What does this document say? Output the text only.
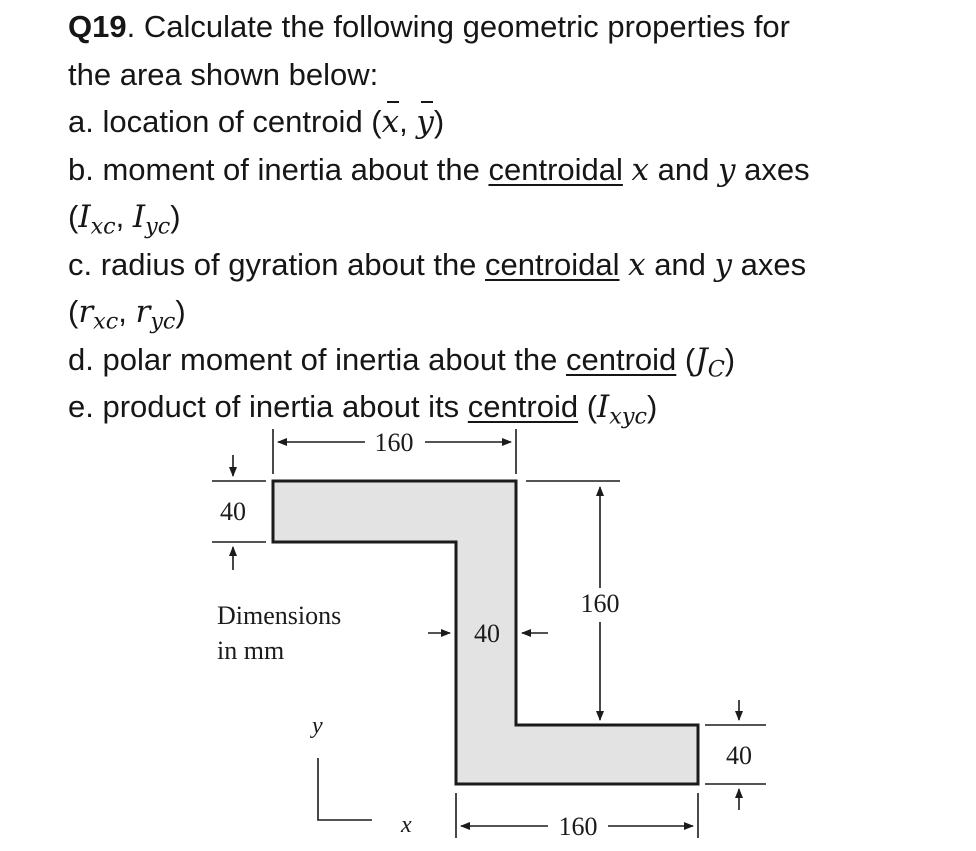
Q19. Calculate the following geometric properties for
the area shown below:
a. location of centroid (x, y)
b. moment of inertia about the centroidal x and y axes
($I_{xc}$, $I_{yc}$)
c. radius of gyration about the centroidal x and y axes
($r_{xc}$, $r_{yc}$)
d. polar moment of inertia about the centroid $(J_C)$
e. product of inertia about its centroid $(I_{xyc})$
160
40
40
160
40
160
Dimensions
in mm
y
x
